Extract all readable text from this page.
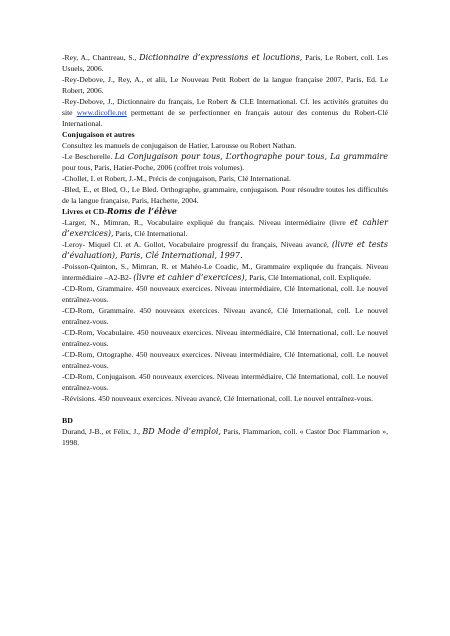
-Rey, A., Chantreau, S., Dictionnaire d’expressions et locutions, Paris, Le Robert, coll. Les Usuels, 2006.

-Rey-Debove, J., Rey, A., et alii, Le Nouveau Petit Robert de la langue française 2007, Paris, Ed. Le Robert, 2006.

-Rey-Debove, J., Dictionnaire du français, Le Robert & CLE International. Cf. les activités gratuites du site www.dicofle.net permettant de se perfectionner en français autour des contenus du Robert-Clé International.

Conjugaison et autres

Consultez les manuels de conjugaison de Hatier, Larousse ou Robert Nathan.

-Le Bescherelle. La Conjugaison pour tous, L’orthographe pour tous, La grammaire pour tous, Paris, Hatier-Poche, 2006 (coffret trois volumes).

-Chollet, I. et Robert, J.-M., Précis de conjugaison, Paris, Clé International.

-Bled, E., et Bled, O., Le Bled. Orthographe, grammaire, conjugaison. Pour résoudre toutes les difficultés de la langue française, Paris, Hachette, 2004.

Livres et CD-Roms de l’élève

-Larger, N., Mimran, R., Vocabulaire expliqué du français. Niveau intermédiaire (livre et cahier d’exercices), Paris, Clé International.

-Leroy- Miquel Cl. et A. Gollot, Vocabulaire progressif du français, Niveau avancé, (livre et tests d’évaluation), Paris, Clé International, 1997.

-Poisson-Quinton, S., Mimran, R. et Mahéo-Le Coadic, M., Grammaire expliquée du français. Niveau intermédiaire –A2-B2- (livre et cahier d’exercices), Paris, Clé International, coll. Expliquée.

-CD-Rom, Grammaire. 450 nouveaux exercices. Niveau intermédiaire, Clé International, coll. Le nouvel entraînez-vous.

-CD-Rom, Grammaire. 450 nouveaux exercices. Niveau avancé, Clé International, coll. Le nouvel entraînez-vous.

-CD-Rom, Vocabulaire. 450 nouveaux exercices. Niveau intermédiaire, Clé International, coll. Le nouvel entraînez-vous.

-CD-Rom, Ortographe. 450 nouveaux exercices. Niveau intermédiaire, Clé International, coll. Le nouvel entraînez-vous.

-CD-Rom, Conjugaison. 450 nouveaux exercices. Niveau intermédiaire, Clé International, coll. Le nouvel entraînez-vous.

-Révisions. 450 nouveaux exercices. Niveau avancé, Clé International, coll. Le nouvel entraînez-vous.

BD

Durand, J-B., et Félix, J., BD Mode d’emploi, Paris, Flammarion, coll. « Castor Doc Flammarion », 1998.
